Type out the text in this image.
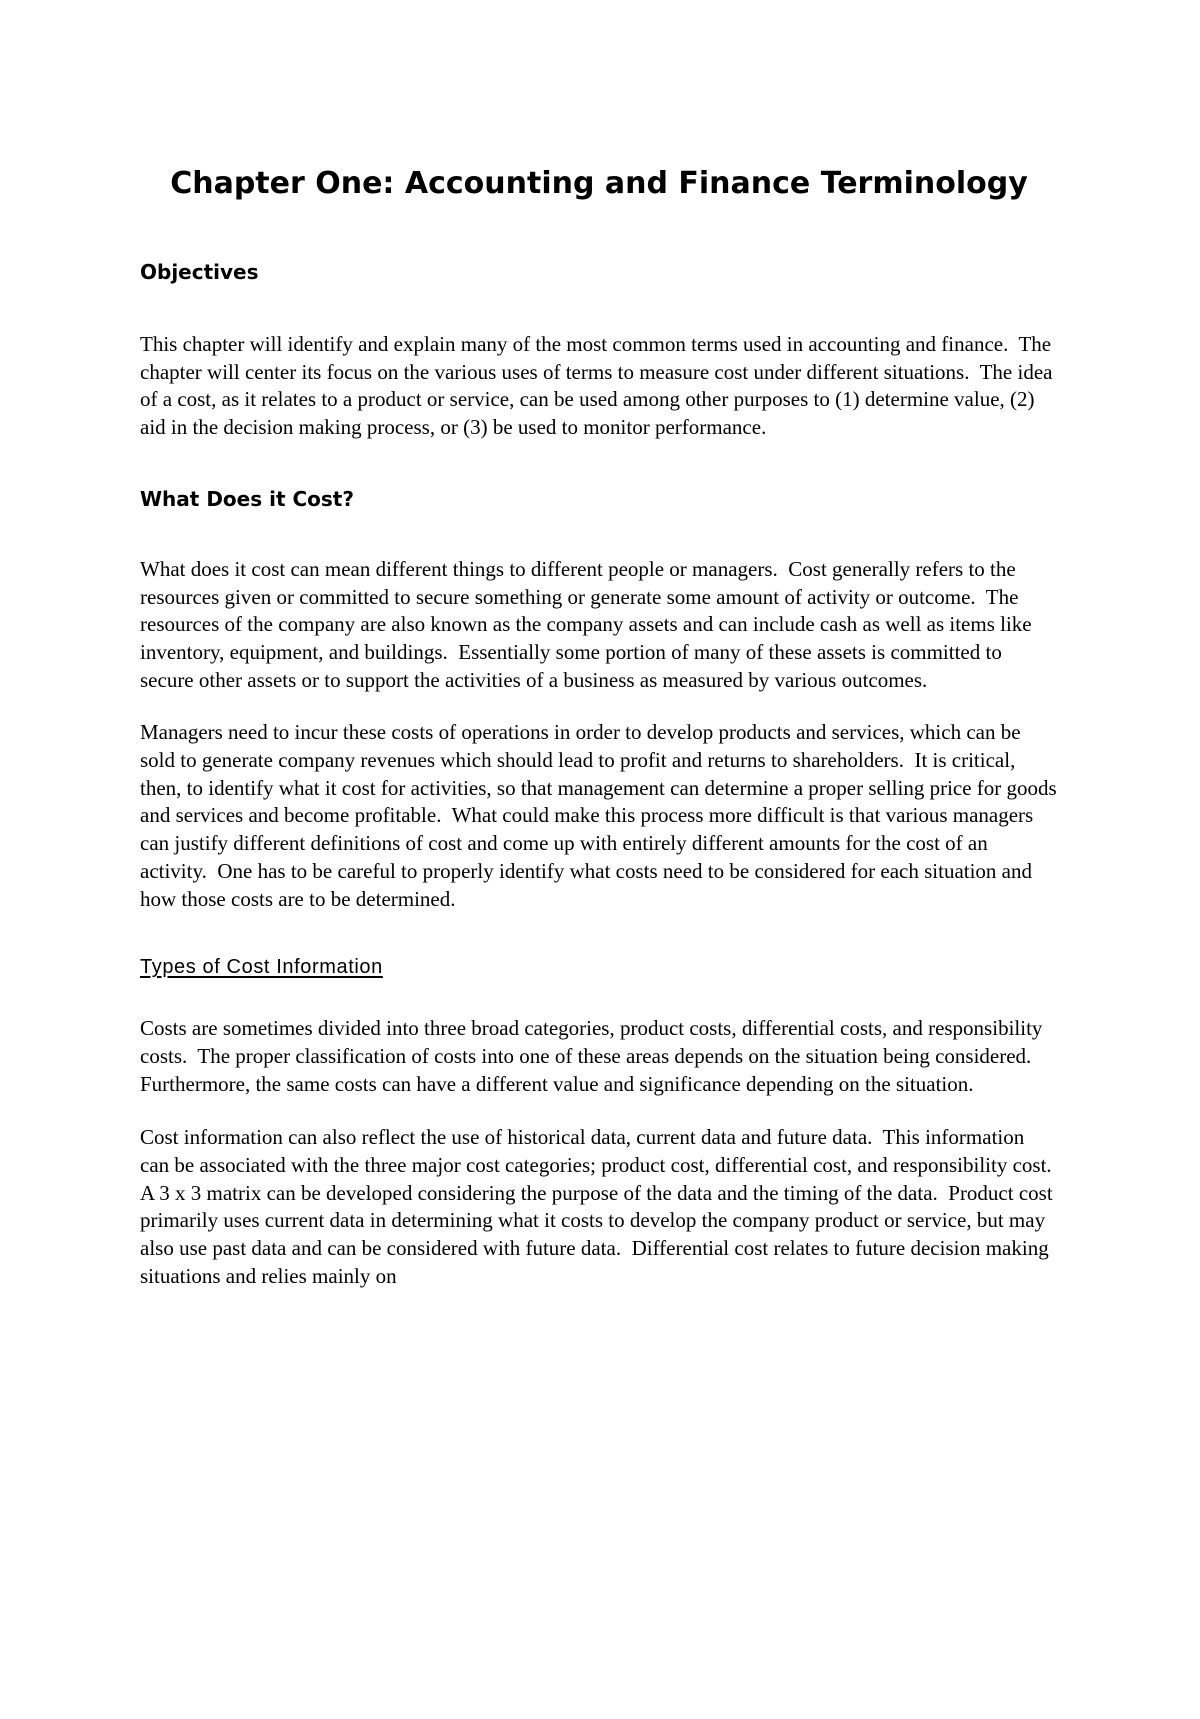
Chapter One: Accounting and Finance Terminology
Objectives

This chapter will identify and explain many of the most common terms used in accounting and finance.  The chapter will center its focus on the various uses of terms to measure cost under different situations.  The idea of a cost, as it relates to a product or service, can be used among other purposes to (1) determine value, (2) aid in the decision making process, or (3) be used to monitor performance.

What Does it Cost?

What does it cost can mean different things to different people or managers.  Cost generally refers to the resources given or committed to secure something or generate some amount of activity or outcome.  The resources of the company are also known as the company assets and can include cash as well as items like inventory, equipment, and buildings.  Essentially some portion of many of these assets is committed to secure other assets or to support the activities of a business as measured by various outcomes.

Managers need to incur these costs of operations in order to develop products and services, which can be sold to generate company revenues which should lead to profit and returns to shareholders.  It is critical, then, to identify what it cost for activities, so that management can determine a proper selling price for goods and services and become profitable.  What could make this process more difficult is that various managers can justify different definitions of cost and come up with entirely different amounts for the cost of an activity.  One has to be careful to properly identify what costs need to be considered for each situation and how those costs are to be determined.

Types of Cost Information

Costs are sometimes divided into three broad categories, product costs, differential costs, and responsibility costs.  The proper classification of costs into one of these areas depends on the situation being considered.  Furthermore, the same costs can have a different value and significance depending on the situation.

Cost information can also reflect the use of historical data, current data and future data.  This information can be associated with the three major cost categories; product cost, differential cost, and responsibility cost.  A 3 x 3 matrix can be developed considering the purpose of the data and the timing of the data.  Product cost primarily uses current data in determining what it costs to develop the company product or service, but may also use past data and can be considered with future data.  Differential cost relates to future decision making situations and relies mainly on
